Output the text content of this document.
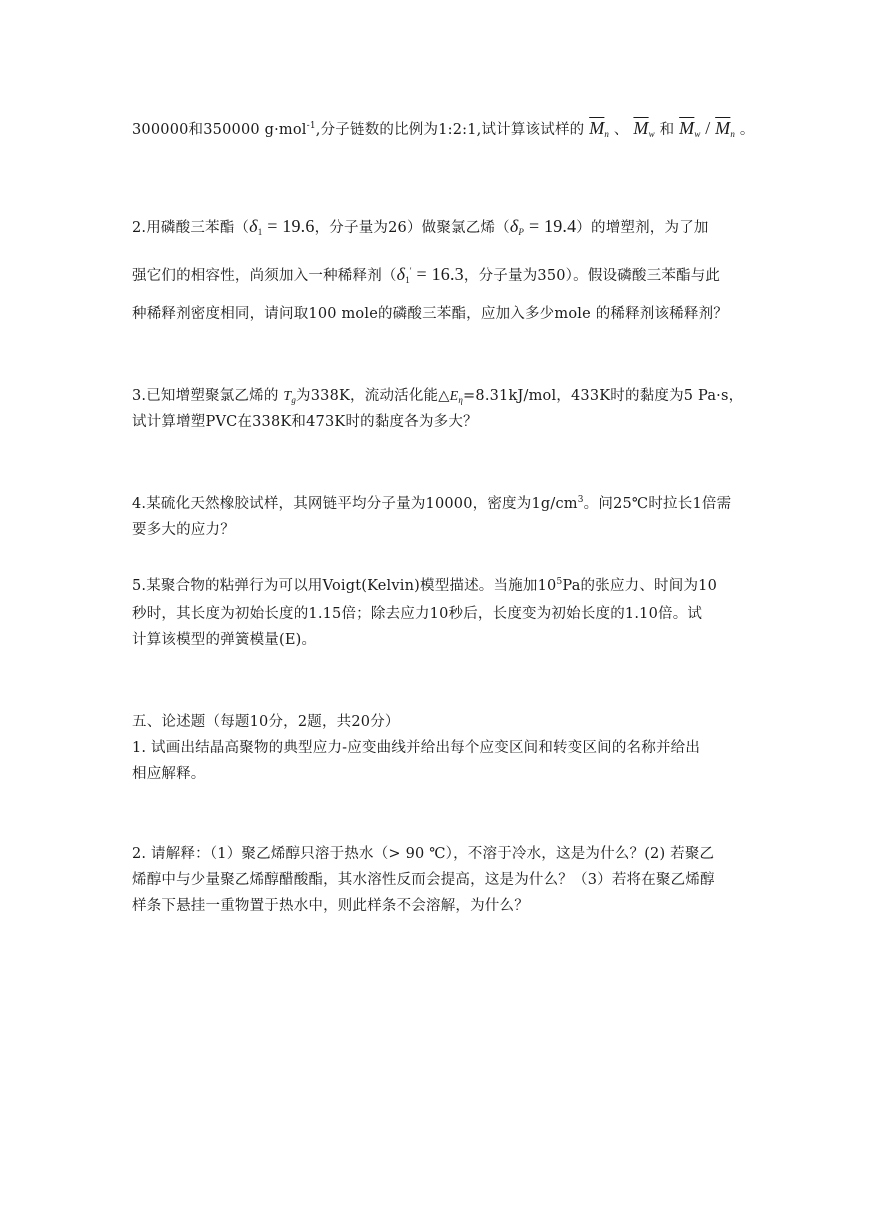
300000和350000 g·mol$^{-1}$,分子链数的比例为1:2:1,试计算该试样的 $\overline{M}_n$ 、 $\overline{M}_w$ 和 $\overline{M}_w / \overline{M}_n$ 。
2.用磷酸三苯酯（$\delta_1 = 19.6$，分子量为26）做聚氯乙烯$(\delta_P = 19.4)$的增塑剂，为了加
强它们的相容性，尚须加入一种稀释剂（$\delta_1' = 16.3$，分子量为350）。假设磷酸三苯酯与此
种稀释剂密度相同，请问取100 mole的磷酸三苯酯，应加入多少mole 的稀释剂该稀释剂？
3.已知增塑聚氯乙烯的 $T_g$为338K，流动活化能$\triangle E_\eta=8.31kJ$/mol，433K时的黏度为5 Pa·s，
试计算增塑PVC在338K和473K时的黏度各为多大？
4.某硫化天然橡胶试样，其网链平均分子量为10000，密度为$1g/cm^3$。问25℃时拉长1倍需
要多大的应力？
5.某聚合物的粘弹行为可以用Voigt(Kelvin)模型描述。当施加$10^5Pa$的张应力、时间为10
秒时，其长度为初始长度的1.15倍；除去应力10秒后，长度变为初始长度的1.10倍。试
计算该模型的弹簧模量(E)。
五、论述题（每题10分，2题，共20分）
1. 试画出结晶高聚物的典型应力-应变曲线并给出每个应变区间和转变区间的名称并给出
相应解释。
2. 请解释：（1）聚乙烯醇只溶于热水（> 90 ℃），不溶于冷水，这是为什么？(2) 若聚乙
烯醇中与少量聚乙烯醇醋酸酯，其水溶性反而会提高，这是为什么？（3）若将在聚乙烯醇
样条下悬挂一重物置于热水中，则此样条不会溶解，为什么？
